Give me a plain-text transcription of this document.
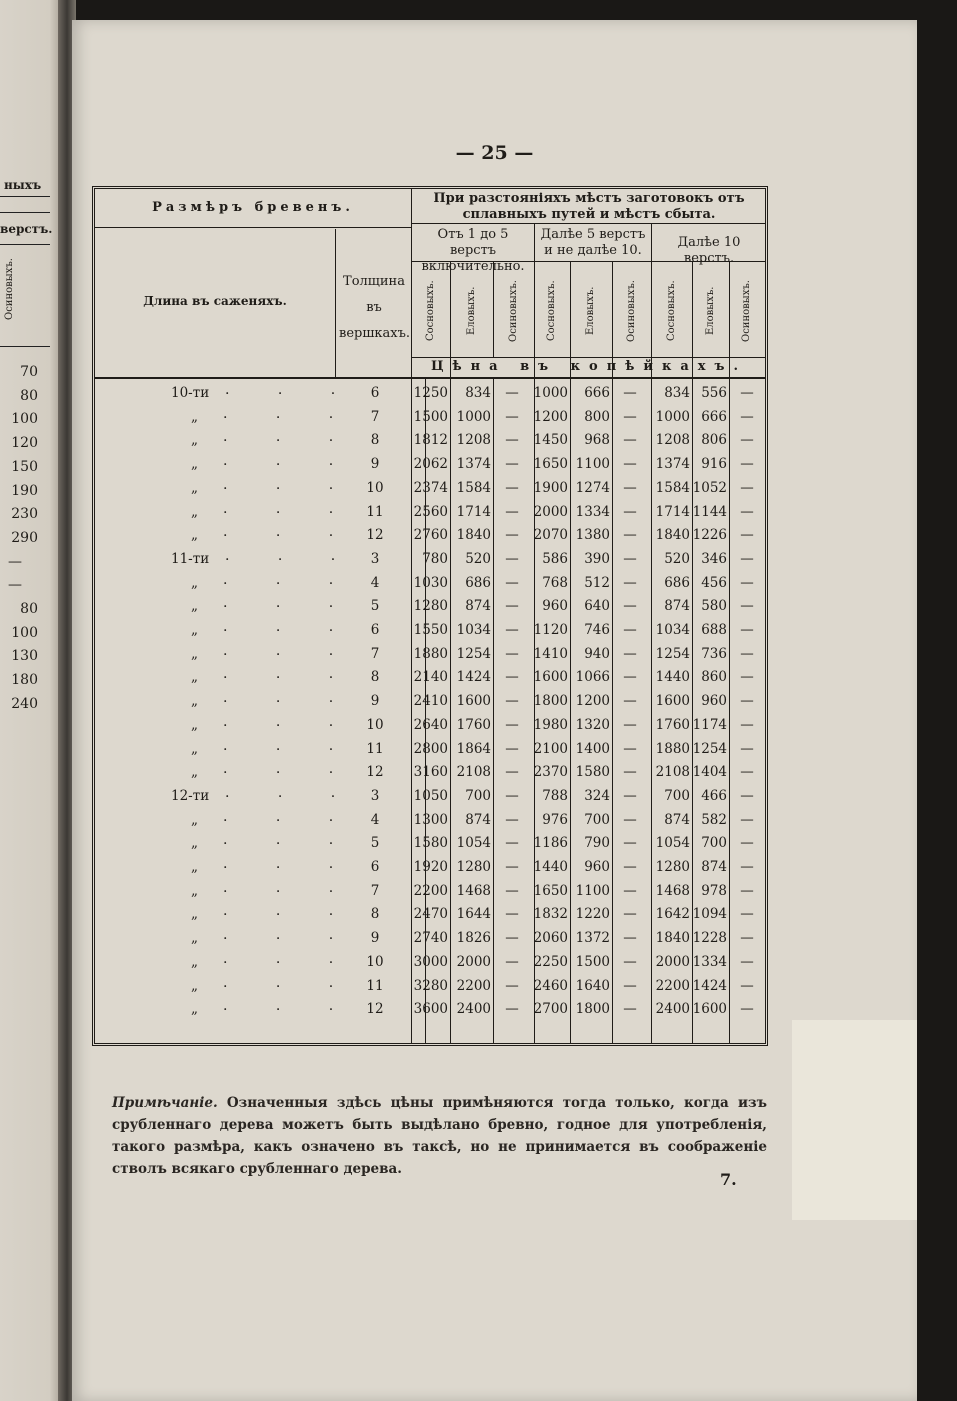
ныхъ
верстъ.
Осиновыхъ.
70
80
100
120
150
190
230
290
—
—
80
100
130
180
240
— 25 —
Размѣръ бревенъ.
При разстояніяхъ мѣстъ заготовокъ отъ сплавныхъ путей и мѣстъ сбыта.
Длина въ саженяхъ.
Толщина въ вершкахъ.
Отъ 1 до 5 верстъ включительно.
Далѣе 5 верстъ и не далѣе 10.
Далѣе 10 верстъ.
Сосновыхъ.	Еловыхъ.	Осиновыхъ.	Сосновыхъ.	Еловыхъ.	Осиновыхъ.	Сосновыхъ.	Еловыхъ.	Осиновыхъ.
Цѣна въ копѣйкахъ.
10-ти . . . 6	1250	834	—	1000	666 —	834 556 —
„ . . .	7	1500 1000	—	1200	800 —	1000 666 —
„ . . .	8	1812 1208	—	1450	968 —	1208 806 —
„ . . .	9	2062 1374	—	1650 1100 —	1374 916 —
„ . . . 10	2374 1584	—	1900 1274 —	1584 1052 —
„ . . . 11	2560 1714	—	2000 1334 —	1714 1144 —
„ . . . 12	2760 1840	—	2070 1380 —	1840 1226 —
11-ти . . . 3	780	520	—	586	390 —	520 346 —
„ . . .	4	1030	686	—	768	512 —	686 456 —
„ . . .	5	1280	874	—	960	640 —	874 580 —
„ . . .	6	1550 1034	—	1120	746 —	1034 688 —
„ . . .	7	1880 1254	—	1410	940 —	1254 736 —
„ . . .	8	2140 1424	—	1600 1066 —	1440 860 —
„ . . .	9	2410 1600	—	1800 1200 —	1600 960 —
„ . . . 10	2640 1760	—	1980 1320 —	1760 1174 —
„ . . . 11	2800 1864	—	2100 1400 —	1880 1254 —
„ . . . 12	3160 2108	—	2370 1580 —	2108 1404 —
12-ти . . . 3	1050	700	—	788	324 —	700 466 —
„ . . .	4	1300	874	—	976	700 —	874 582 —
„ . . .	5	1580 1054	—	1186	790 —	1054 700 —
„ . . .	6	1920 1280	—	1440	960 —	1280 874 —
„ . . .	7	2200 1468	—	1650 1100 —	1468 978 —
„ . . .	8	2470 1644	—	1832 1220 —	1642 1094 —
„ . . .	9	2740 1826	—	2060 1372 —	1840 1228 —
„ . . . 10	3000 2000	—	2250 1500 —	2000 1334 —
„ . . . 11	3280 2200	—	2460 1640 —	2200 1424 —
„ . . . 12	3600 2400	—	2700 1800 —	2400 1600 —
Примѣчаніе. Означенныя здѣсь цѣны примѣняются тогда только, когда изъ срубленнаго дерева можетъ быть выдѣлано бревно, годное для употребленія, такого размѣра, какъ означено въ таксѣ, но не принимается въ соображеніе стволъ всякаго срубленнаго дерева.
7.
